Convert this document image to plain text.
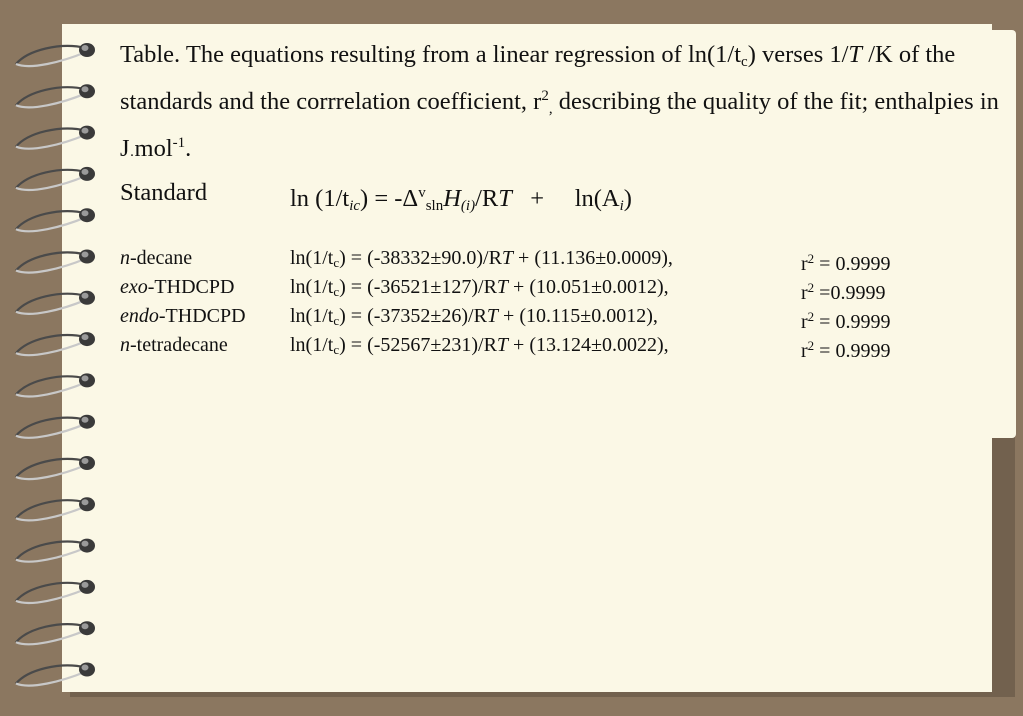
Table. The equations resulting from a linear regression of $\ln(1/t_c)$ verses 1/T /K of the standards and the corrrelation coefficient, $r^2_,$ describing the quality of the fit; enthalpies in $J_\cdot mol^{-1}$.

Standard	$\ln (1/t_{ic}) = -\Delta^v_{sln}H_{(i)}/RT$   +     $\ln(A_i)$
n-decane	$\ln(1/t_c) = (-38332\pm 90.0)/RT + (11.136\pm 0.0009)$,	$r^2 = 0.9999$
exo-THDCPD	$\ln(1/t_c) = (-36521\pm 127)/RT + (10.051\pm 0.0012)$,	$r^2 =0.9999$
endo-THDCPD $\ln(1/t_c) = (-37352\pm 26)/RT + (10.115\pm 0.0012)$,	$r^2 = 0.9999$
n-tetradecane	$\ln(1/t_c) = (-52567\pm 231)/RT + (13.124\pm 0.0022)$,	$r^2 = 0.9999$
